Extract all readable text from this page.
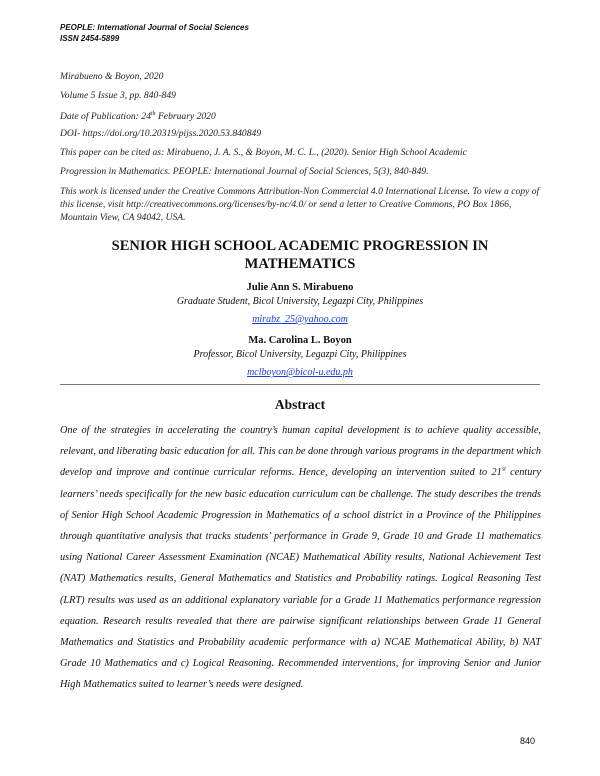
PEOPLE: International Journal of Social Sciences
ISSN 2454-5899
Mirabueno & Boyon, 2020
Volume 5 Issue 3, pp. 840-849
Date of Publication: 24th February 2020
DOI- https://doi.org/10.20319/pijss.2020.53.840849
This paper can be cited as: Mirabueno, J. A. S., & Boyon, M. C. L., (2020). Senior High School Academic
Progression in Mathematics. PEOPLE: International Journal of Social Sciences, 5(3), 840-849.
This work is licensed under the Creative Commons Attribution-Non Commercial 4.0 International License. To view a copy of this license, visit http://creativecommons.org/licenses/by-nc/4.0/ or send a letter to Creative Commons, PO Box 1866, Mountain View, CA 94042, USA.
SENIOR HIGH SCHOOL ACADEMIC PROGRESSION IN
MATHEMATICS
Julie Ann S. Mirabueno
Graduate Student, Bicol University, Legazpi City, Philippines
mirabz_25@yahoo.com
Ma. Carolina L. Boyon
Professor, Bicol University, Legazpi City, Philippines
mclboyon@bicol-u.edu.ph
Abstract
One of the strategies in accelerating the country’s human capital development is to achieve quality accessible, relevant, and liberating basic education for all. This can be done through various programs in the department which develop and improve and continue curricular reforms. Hence, developing an intervention suited to 21st century learners’ needs specifically for the new basic education curriculum can be challenge. The study describes the trends of Senior High School Academic Progression in Mathematics of a school district in a Province of the Philippines through quantitative analysis that tracks students’ performance in Grade 9, Grade 10 and Grade 11 mathematics using National Career Assessment Examination (NCAE) Mathematical Ability results, National Achievement Test (NAT) Mathematics results, General Mathematics and Statistics and Probability ratings. Logical Reasoning Test (LRT) results was used as an additional explanatory variable for a Grade 11 Mathematics performance regression equation. Research results revealed that there are pairwise significant relationships between Grade 11 General Mathematics and Statistics and Probability academic performance with a) NCAE Mathematical Ability, b) NAT Grade 10 Mathematics and c) Logical Reasoning. Recommended interventions, for improving Senior and Junior High Mathematics suited to learner’s needs were designed.
840
